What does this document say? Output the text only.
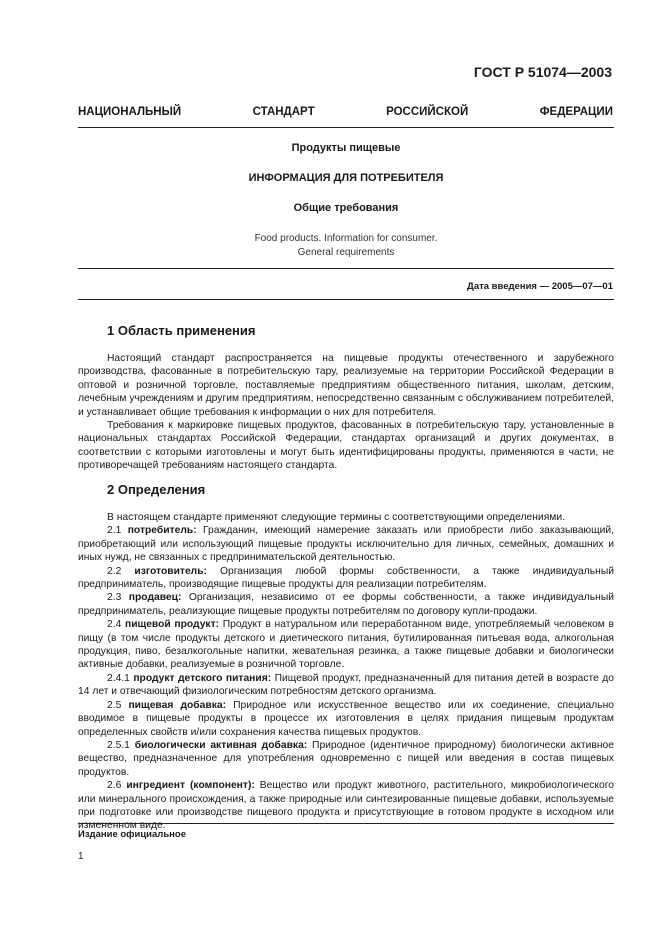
ГОСТ Р 51074—2003
НАЦИОНАЛЬНЫЙ	СТАНДАРТ	РОССИЙСКОЙ	ФЕДЕРАЦИИ
Продукты пищевые
ИНФОРМАЦИЯ ДЛЯ ПОТРЕБИТЕЛЯ
Общие требования
Food products. Information for consumer.
General requirements
Дата введения — 2005—07—01
1 Область применения

Настоящий стандарт распространяется на пищевые продукты отечественного и зарубежного производства, фасованные в потребительскую тару, реализуемые на территории Российской Федерации в оптовой и розничной торговле, поставляемые предприятиям общественного питания, школам, детским, лечебным учреждениям и другим предприятиям, непосредственно связанным с обслуживанием потребителей, и устанавливает общие требования к информации о них для потребителя.

Требования к маркировке пищевых продуктов, фасованных в потребительскую тару, установленные в национальных стандартах Российской Федерации, стандартах организаций и других документах, в соответствии с которыми изготовлены и могут быть идентифицированы продукты, применяются в части, не противоречащей требованиям настоящего стандарта.

2 Определения

В настоящем стандарте применяют следующие термины с соответствующими определениями.

2.1 потребитель: Гражданин, имеющий намерение заказать или приобрести либо заказывающий, приобретающий или использующий пищевые продукты исключительно для личных, семейных, домашних и иных нужд, не связанных с предпринимательской деятельностью.

2.2 изготовитель: Организация любой формы собственности, а также индивидуальный предприниматель, производящие пищевые продукты для реализации потребителям.

2.3 продавец: Организация, независимо от ее формы собственности, а также индивидуальный предприниматель, реализующие пищевые продукты потребителям по договору купли-продажи.

2.4 пищевой продукт: Продукт в натуральном или переработанном виде, употребляемый человеком в пищу (в том числе продукты детского и диетического питания, бутилированная питьевая вода, алкогольная продукция, пиво, безалкогольные напитки, жевательная резинка, а также пищевые добавки и биологически активные добавки, реализуемые в розничной торговле.

2.4.1 продукт детского питания: Пищевой продукт, предназначенный для питания детей в возрасте до 14 лет и отвечающий физиологическим потребностям детского организма.

2.5 пищевая добавка: Природное или искусственное вещество или их соединение, специально вводимое в пищевые продукты в процессе их изготовления в целях придания пищевым продуктам определенных свойств и/или сохранения качества пищевых продуктов.

2.5.1 биологически активная добавка: Природное (идентичное природному) биологически активное вещество, предназначенное для употребления одновременно с пищей или введения в состав пищевых продуктов.

2.6 ингредиент (компонент): Вещество или продукт животного, растительного, микробиологического или минерального происхождения, а также природные или синтезированные пищевые добавки, используемые при подготовке или производстве пищевого продукта и присутствующие в готовом продукте в исходном или измененном виде.

Издание официальное
1
